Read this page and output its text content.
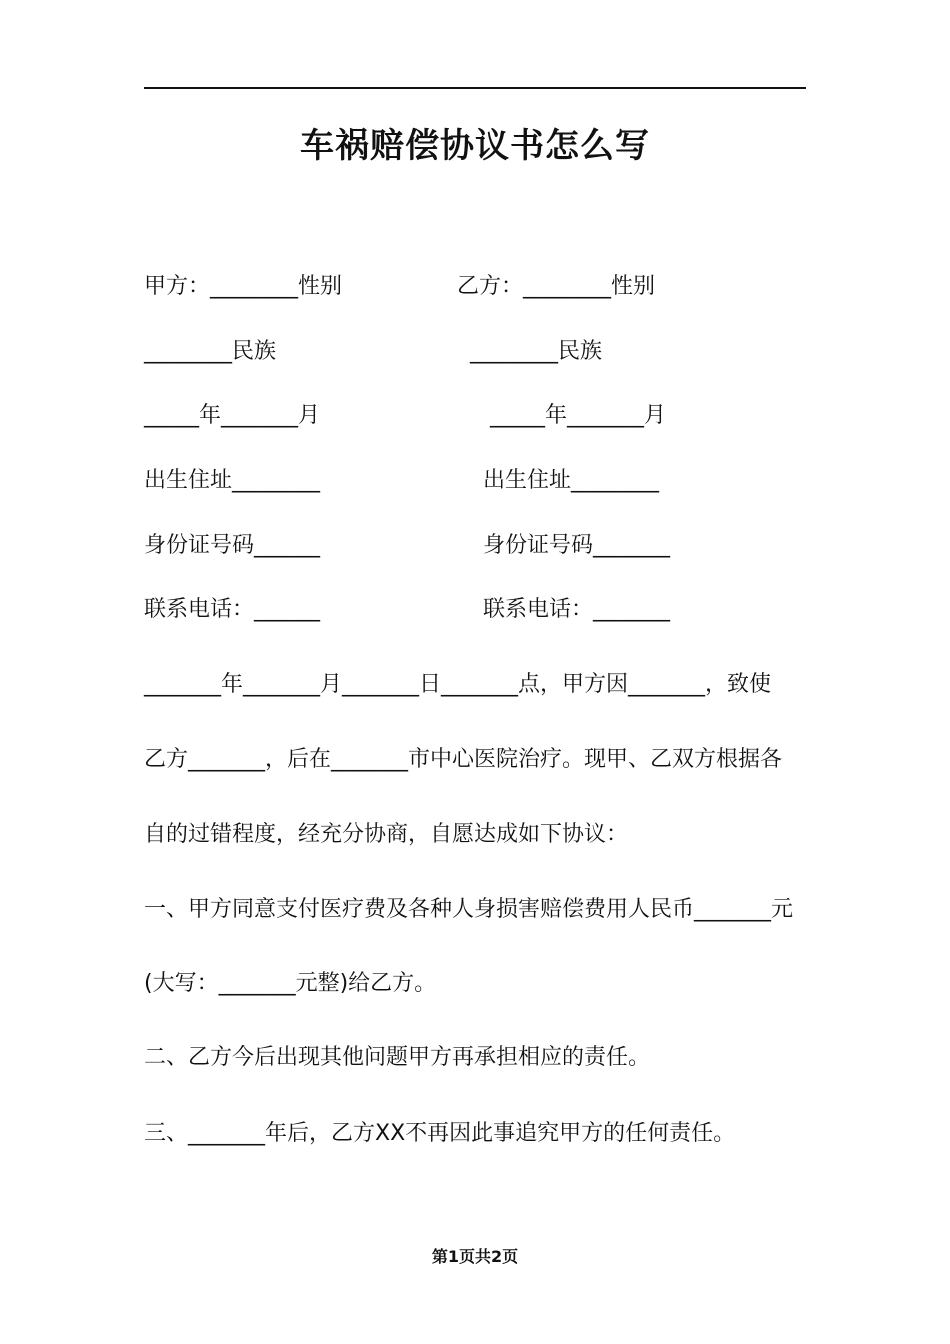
车祸赔偿协议书怎么写
甲方：________性别
________民族
_____年_______月
出生住址________
身份证号码______
联系电话：______
乙方：________性别
________民族
_____年_______月
出生住址________
身份证号码_______
联系电话：_______
_______年_______月_______日_______点，甲方因_______，致使
乙方_______，后在_______市中心医院治疗。现甲、乙双方根据各
自的过错程度，经充分协商，自愿达成如下协议：
一、甲方同意支付医疗费及各种人身损害赔偿费用人民币_______元
(大写：_______元整)给乙方。
二、乙方今后出现其他问题甲方再承担相应的责任。
三、_______年后，乙方XX不再因此事追究甲方的任何责任。
第1页共2页
